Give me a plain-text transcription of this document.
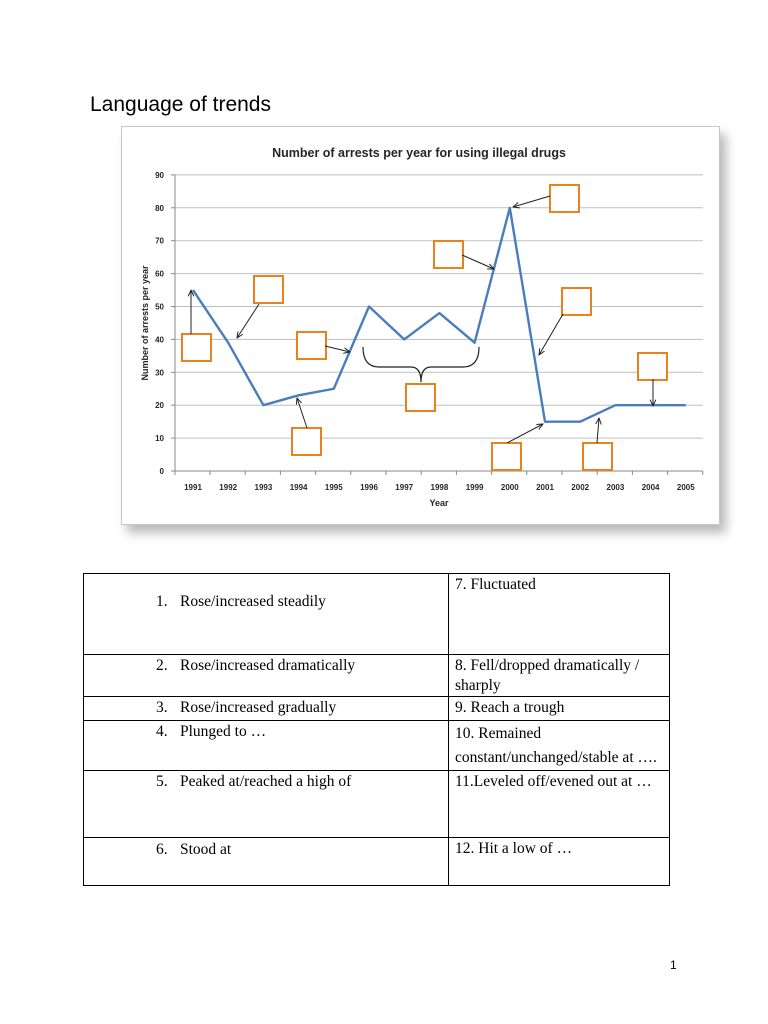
Language of trends
Number of arrests per year for using illegal drugs
0
10
20
30
40
50
60
70
80
90
1991 1992 1993 1994 1995 1996 1997 1998 1999 2000 2001 2002 2003 2004 2005
Number of arrests per year
Year
1. Rose/increased steadily	7. Fluctuated

2. Rose/increased dramatically	8. Fell/dropped dramatically / sharply

3. Rose/increased gradually	9. Reach a trough

4. Plunged to …	10. Remained constant/unchanged/stable at ….

5. Peaked at/reached a high of	11.Leveled off/evened out at …

6. Stood at	12. Hit a low of …
1
